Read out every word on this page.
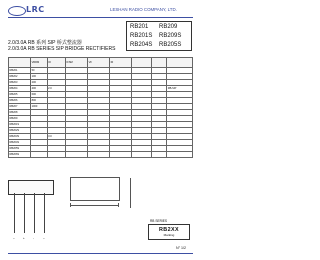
LRC	LESHAN RADIO COMPANY, LTD.
RB201	RB209
RB201S	RB209S
RB204S	RB205S
2.0/3.0A RB 系列 SIP 桥式整流器
2.0/3.0A RB SERIES SIP BRIDGE RECTIFIERS
	VRRM	IO	IFSM	VF	IR			
RB201	50							
RB202	100							
RB203	200							
RB204	400	2.0						RB-SIP
RB205	600							
RB206	800							
RB207	1000							
RB208								
RB209								
RB201S								
RB202S								
RB203S		3.0						
RB204S								
RB205S								
RB206S								
~	+	-	~
RB SERIES
RB2XX
Marking
N° 1/2
